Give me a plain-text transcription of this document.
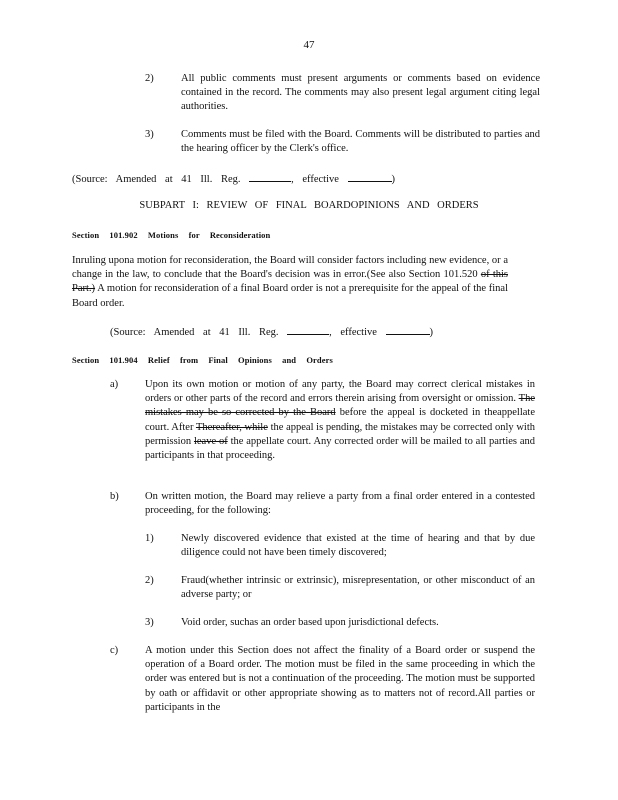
47
2)	All public comments must present arguments or comments based on evidence contained in the record. The comments may also present legal argument citing legal authorities.
3)	Comments must be filed with the Board. Comments will be distributed to parties and the hearing officer by the Clerk's office.
(Source: Amended at 41 Ill. Reg.	, effective	)
SUBPART I: REVIEW OF FINAL BOARDOPINIONS AND ORDERS
Section 101.902 Motions for Reconsideration
Inruling upona motion for reconsideration, the Board will consider factors including new evidence, or a change in the law, to conclude that the Board's decision was in error.(See also Section 101.520 of this Part.) A motion for reconsideration of a final Board order is not a prerequisite for the appeal of the final Board order.
(Source: Amended at 41 Ill. Reg.	, effective	)
Section 101.904 Relief from Final Opinions and Orders
a)	Upon its own motion or motion of any party, the Board may correct clerical mistakes in orders or other parts of the record and errors therein arising from oversight or omission. The mistakes may be so corrected by the Board before the appeal is docketed in theappellate court. After Thereafter, while the appeal is pending, the mistakes may be corrected only with permission leave of the appellate court. Any corrected order will be mailed to all parties and participants in that proceeding.
b)	On written motion, the Board may relieve a party from a final order entered in a contested proceeding, for the following:
1)	Newly discovered evidence that existed at the time of hearing and that by due diligence could not have been timely discovered;
2)	Fraud(whether intrinsic or extrinsic), misrepresentation, or other misconduct of an adverse party; or
3)	Void order, suchas an order based upon jurisdictional defects.
c)	A motion under this Section does not affect the finality of a Board order or suspend the operation of a Board order. The motion must be filed in the same proceeding in which the order was entered but is not a continuation of the proceeding. The motion must be supported by oath or affidavit or other appropriate showing as to matters not of record.All parties or participants in the
